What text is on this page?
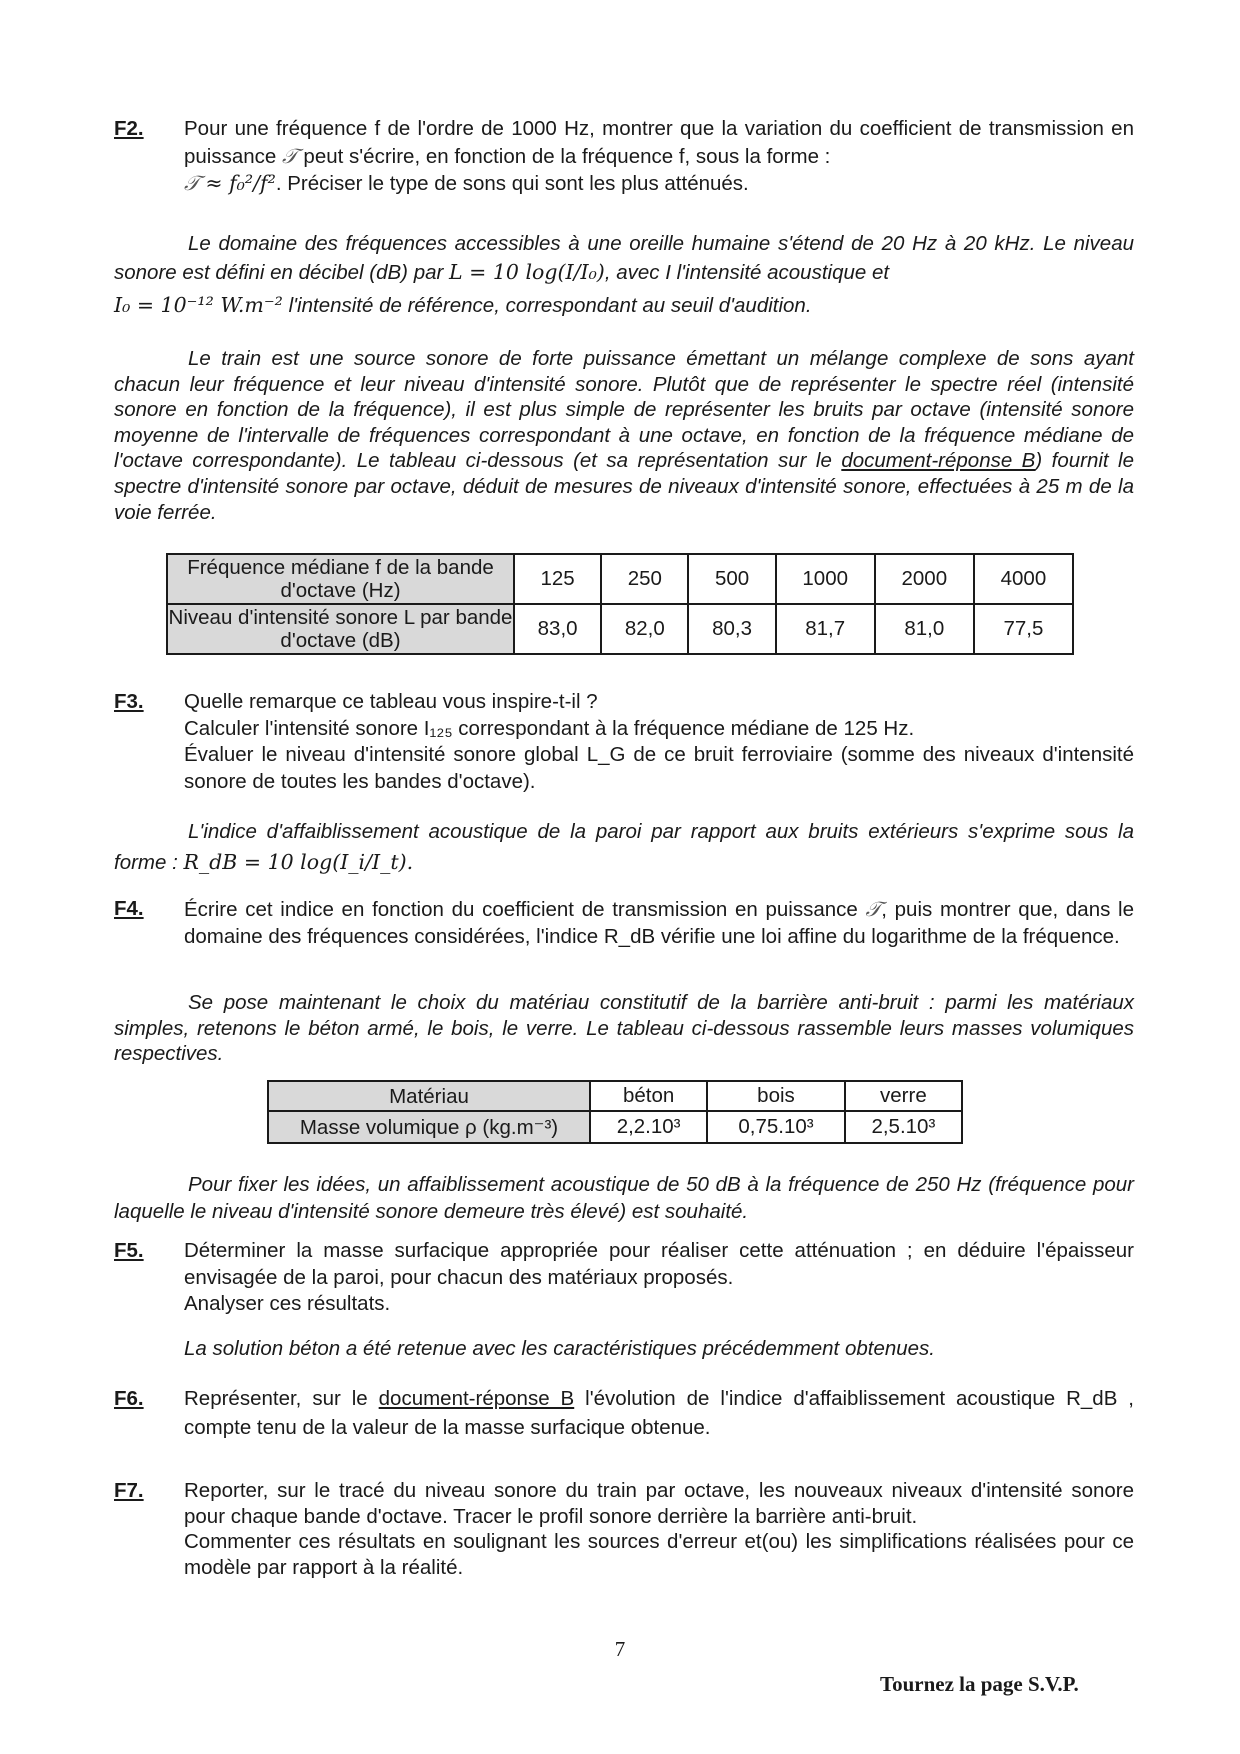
F2. Pour une fréquence f de l'ordre de 1000 Hz, montrer que la variation du coefficient de transmission en puissance 𝒯 peut s'écrire, en fonction de la fréquence f, sous la forme :

𝒯 ≈ f₀²/f². Préciser le type de sons qui sont les plus atténués.

Le domaine des fréquences accessibles à une oreille humaine s'étend de 20 Hz à 20 kHz. Le niveau sonore est défini en décibel (dB) par L = 10 log(I/I₀), avec I l'intensité acoustique et

I₀ = 10⁻¹² W.m⁻² l'intensité de référence, correspondant au seuil d'audition.

Le train est une source sonore de forte puissance émettant un mélange complexe de sons ayant chacun leur fréquence et leur niveau d'intensité sonore. Plutôt que de représenter le spectre réel (intensité sonore en fonction de la fréquence), il est plus simple de représenter les bruits par octave (intensité sonore moyenne de l'intervalle de fréquences correspondant à une octave, en fonction de la fréquence médiane de l'octave correspondante). Le tableau ci-dessous (et sa représentation sur le document-réponse B) fournit le spectre d'intensité sonore par octave, déduit de mesures de niveaux d'intensité sonore, effectuées à 25 m de la voie ferrée.

Fréquence médiane f de la bande d'octave (Hz)	125	250	500	1000	2000	4000
Niveau d'intensité sonore L par bande d'octave (dB)	83,0	82,0	80,3	81,7	81,0	77,5
F3. Quelle remarque ce tableau vous inspire-t-il ?

Calculer l'intensité sonore I₁₂₅ correspondant à la fréquence médiane de 125 Hz.

Évaluer le niveau d'intensité sonore global L_G de ce bruit ferroviaire (somme des niveaux d'intensité sonore de toutes les bandes d'octave).

L'indice d'affaiblissement acoustique de la paroi par rapport aux bruits extérieurs s'exprime sous la forme : R_dB = 10 log(I_i/I_t).

F4. Écrire cet indice en fonction du coefficient de transmission en puissance 𝒯, puis montrer que, dans le domaine des fréquences considérées, l'indice R_dB vérifie une loi affine du logarithme de la fréquence.

Se pose maintenant le choix du matériau constitutif de la barrière anti-bruit : parmi les matériaux simples, retenons le béton armé, le bois, le verre. Le tableau ci-dessous rassemble leurs masses volumiques respectives.

Matériau	béton	bois	verre
Masse volumique ρ (kg.m⁻³)	2,2.10³	0,75.10³	2,5.10³

Pour fixer les idées, un affaiblissement acoustique de 50 dB à la fréquence de 250 Hz (fréquence pour laquelle le niveau d'intensité sonore demeure très élevé) est souhaité.

F5. Déterminer la masse surfacique appropriée pour réaliser cette atténuation ; en déduire l'épaisseur envisagée de la paroi, pour chacun des matériaux proposés.

Analyser ces résultats.

La solution béton a été retenue avec les caractéristiques précédemment obtenues.

F6. Représenter, sur le document-réponse B l'évolution de l'indice d'affaiblissement acoustique R_dB , compte tenu de la valeur de la masse surfacique obtenue.

F7. Reporter, sur le tracé du niveau sonore du train par octave, les nouveaux niveaux d'intensité sonore pour chaque bande d'octave. Tracer le profil sonore derrière la barrière anti-bruit.

Commenter ces résultats en soulignant les sources d'erreur et(ou) les simplifications réalisées pour ce modèle par rapport à la réalité.

7
Tournez la page S.V.P.
